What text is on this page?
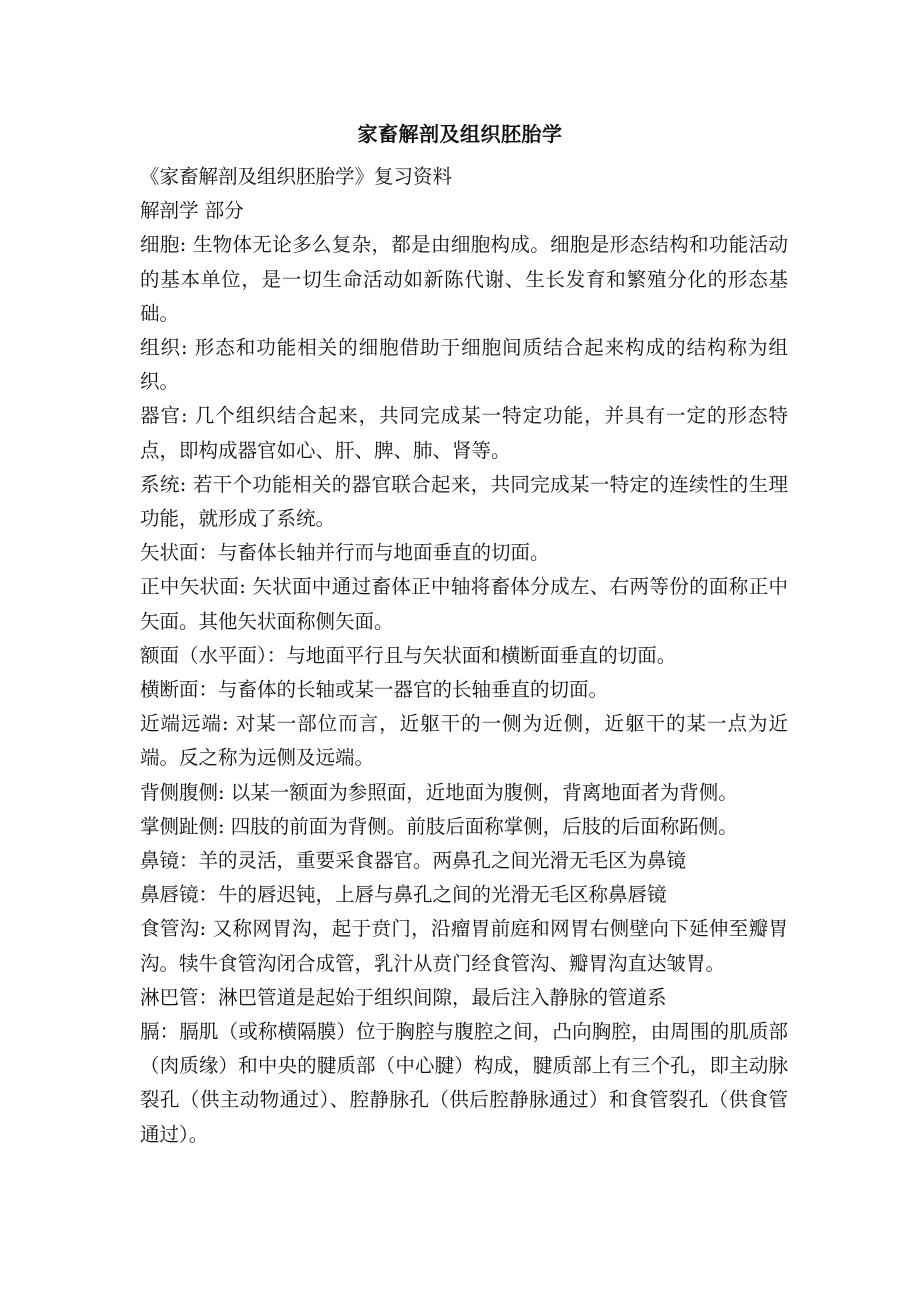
家畜解剖及组织胚胎学

《家畜解剖及组织胚胎学》复习资料

解剖学 部分

细胞: 生物体无论多么复杂，都是由细胞构成。细胞是形态结构和功能活动的基本单位，是一切生命活动如新陈代谢、生长发育和繁殖分化的形态基础。

组织: 形态和功能相关的细胞借助于细胞间质结合起来构成的结构称为组织。

器官: 几个组织结合起来，共同完成某一特定功能，并具有一定的形态特点，即构成器官如心、肝、脾、肺、肾等。

系统: 若干个功能相关的器官联合起来，共同完成某一特定的连续性的生理功能，就形成了系统。

矢状面：与畜体长轴并行而与地面垂直的切面。

正中矢状面: 矢状面中通过畜体正中轴将畜体分成左、右两等份的面称正中矢面。其他矢状面称侧矢面。

额面（水平面）：与地面平行且与矢状面和横断面垂直的切面。

横断面：与畜体的长轴或某一器官的长轴垂直的切面。

近端远端: 对某一部位而言，近躯干的一侧为近侧，近躯干的某一点为近端。反之称为远侧及远端。

背侧腹侧: 以某一额面为参照面，近地面为腹侧，背离地面者为背侧。

掌侧趾侧: 四肢的前面为背侧。前肢后面称掌侧，后肢的后面称跖侧。

鼻镜：羊的灵活，重要采食器官。两鼻孔之间光滑无毛区为鼻镜

鼻唇镜：牛的唇迟钝，上唇与鼻孔之间的光滑无毛区称鼻唇镜

食管沟: 又称网胃沟，起于贲门，沿瘤胃前庭和网胃右侧壁向下延伸至瓣胃沟。犊牛食管沟闭合成管，乳汁从贲门经食管沟、瓣胃沟直达皱胃。

淋巴管：淋巴管道是起始于组织间隙，最后注入静脉的管道系

膈：膈肌（或称横隔膜）位于胸腔与腹腔之间，凸向胸腔，由周围的肌质部（肉质缘）和中央的腱质部（中心腱）构成，腱质部上有三个孔，即主动脉裂孔（供主动物通过）、腔静脉孔（供后腔静脉通过）和食管裂孔（供食管通过）。
